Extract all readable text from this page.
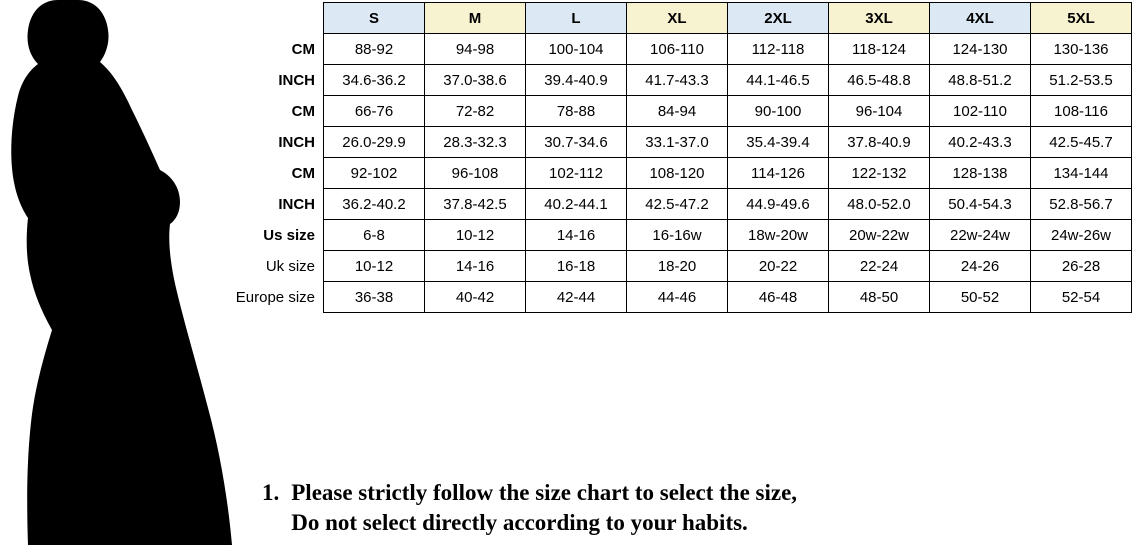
Bust fit
Waist fit
Hip fit
	S	M	L	XL	2XL	3XL	4XL	5XL
CM	88-92	94-98	100-104	106-110	112-118	118-124	124-130	130-136
INCH	34.6-36.2	37.0-38.6	39.4-40.9	41.7-43.3	44.1-46.5	46.5-48.8	48.8-51.2	51.2-53.5
CM	66-76	72-82	78-88	84-94	90-100	96-104	102-110	108-116
INCH	26.0-29.9	28.3-32.3	30.7-34.6	33.1-37.0	35.4-39.4	37.8-40.9	40.2-43.3	42.5-45.7
CM	92-102	96-108	102-112	108-120	114-126	122-132	128-138	134-144
INCH	36.2-40.2	37.8-42.5	40.2-44.1	42.5-47.2	44.9-49.6	48.0-52.0	50.4-54.3	52.8-56.7
Us size	6-8	10-12	14-16	16-16w	18w-20w	20w-22w	22w-24w	24w-26w
Uk size	10-12	14-16	16-18	18-20	20-22	22-24	24-26	26-28
Europe size	36-38	40-42	42-44	44-46	46-48	48-50	50-52	52-54
1. Please strictly follow the size chart to select the size,
Do not select directly according to your habits.
